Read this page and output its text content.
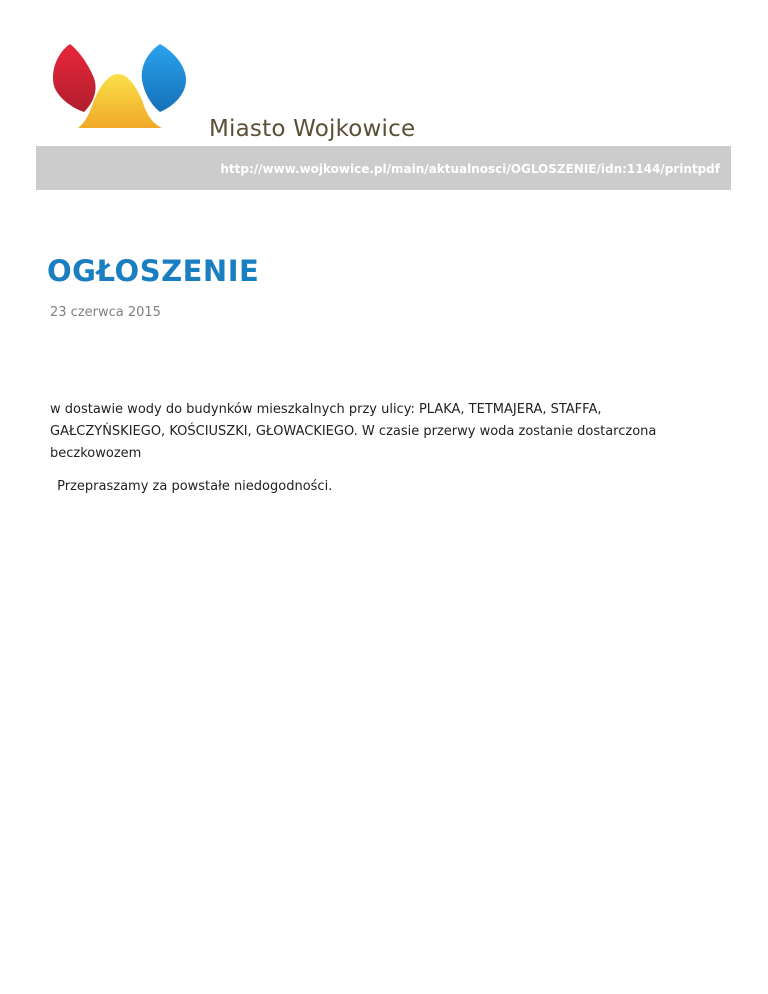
Miasto Wojkowice
http://www.wojkowice.pl/main/aktualnosci/OGLOSZENIE/idn:1144/printpdf
OGŁOSZENIE
23 czerwca 2015
w dostawie wody do budynków mieszkalnych przy ulicy: PLAKA, TETMAJERA, STAFFA, GAŁCZYŃSKIEGO, KOŚCIUSZKI, GŁOWACKIEGO. W czasie przerwy woda zostanie dostarczona beczkowozem
Przepraszamy za powstałe niedogodności.
